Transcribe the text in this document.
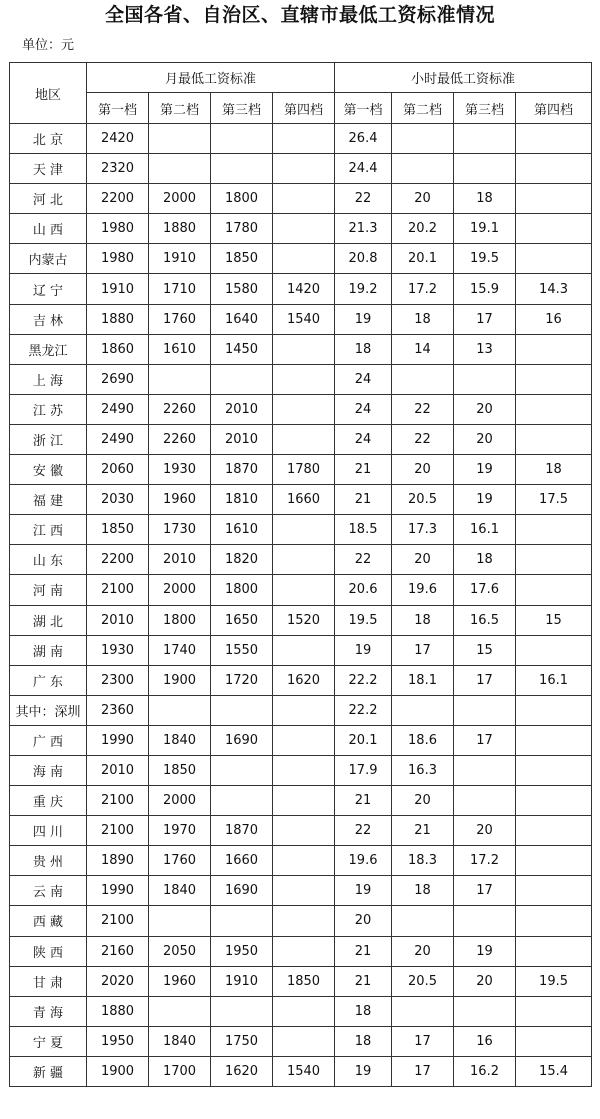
全国各省、自治区、直辖市最低工资标准情况
单位：元
地区	月最低工资标准				小时最低工资标准			
	第一档	第二档	第三档	第四档	第一档	第二档	第三档	第四档
北 京	2420				26.4			
天 津	2320				24.4			
河 北	2200	2000	1800		22	20	18	
山 西	1980	1880	1780		21.3	20.2	19.1	
内蒙古	1980	1910	1850		20.8	20.1	19.5	
辽 宁	1910	1710	1580	1420	19.2	17.2	15.9	14.3
吉 林	1880	1760	1640	1540	19	18	17	16
黑龙江	1860	1610	1450		18	14	13	
上 海	2690				24			
江 苏	2490	2260	2010		24	22	20	
浙 江	2490	2260	2010		24	22	20	
安 徽	2060	1930	1870	1780	21	20	19	18
福 建	2030	1960	1810	1660	21	20.5	19	17.5
江 西	1850	1730	1610		18.5	17.3	16.1	
山 东	2200	2010	1820		22	20	18	
河 南	2100	2000	1800		20.6	19.6	17.6	
湖 北	2010	1800	1650	1520	19.5	18	16.5	15
湖 南	1930	1740	1550		19	17	15	
广 东	2300	1900	1720	1620	22.2	18.1	17	16.1
其中：深圳	2360				22.2			
广 西	1990	1840	1690		20.1	18.6	17	
海 南	2010	1850			17.9	16.3		
重 庆	2100	2000			21	20		
四 川	2100	1970	1870		22	21	20	
贵 州	1890	1760	1660		19.6	18.3	17.2	
云 南	1990	1840	1690		19	18	17	
西 藏	2100				20			
陕 西	2160	2050	1950		21	20	19	
甘 肃	2020	1960	1910	1850	21	20.5	20	19.5
青 海	1880				18			
宁 夏	1950	1840	1750		18	17	16	
新 疆	1900	1700	1620	1540	19	17	16.2	15.4
